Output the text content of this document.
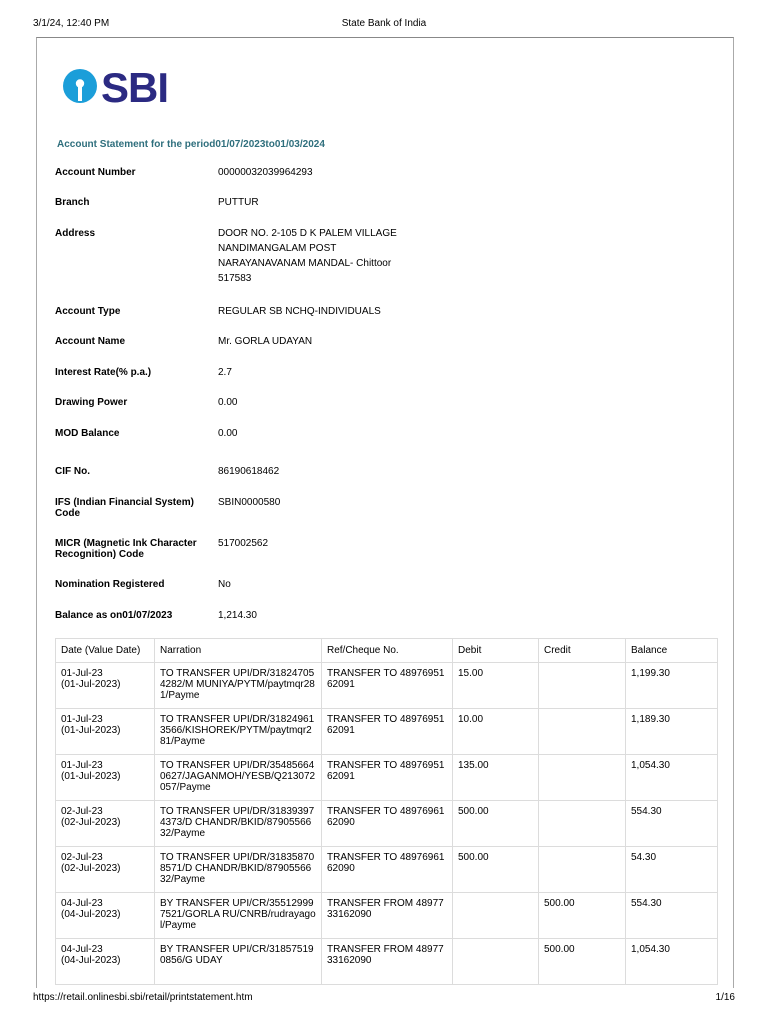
3/1/24, 12:40 PM	State Bank of India
SBI
Account Statement for the period01/07/2023to01/03/2024
Account Number	00000032039964293
Branch	PUTTUR
Address	DOOR NO. 2-105 D K PALEM VILLAGE
NANDIMANGALAM POST
NARAYANAVANAM MANDAL- Chittoor
517583
Account Type	REGULAR SB NCHQ-INDIVIDUALS
Account Name	Mr. GORLA UDAYAN
Interest Rate(% p.a.)	2.7
Drawing Power	0.00
MOD Balance	0.00
CIF No.	86190618462
IFS (Indian Financial System) Code
SBIN0000580
MICR (Magnetic Ink Character Recognition) Code
517002562
Nomination Registered	No
Balance as on01/07/2023	1,214.30
Date (Value Date)	Narration	Ref/Cheque No.	Debit	Credit	Balance

01-Jul-23
(01-Jul-2023)	TO TRANSFER UPI/DR/318247054282/M MUNIYA/PYTM/paytmqr281/Payme	TRANSFER TO 4897695162091	15.00		1,199.30

01-Jul-23
(01-Jul-2023)	TO TRANSFER UPI/DR/318249613566/KISHOREK/PYTM/paytmqr281/Payme	TRANSFER TO 4897695162091	10.00		1,189.30

01-Jul-23
(01-Jul-2023)	TO TRANSFER UPI/DR/354856640627/JAGANMOH/YESB/Q213072057/Payme	TRANSFER TO 4897695162091	135.00		1,054.30

02-Jul-23
(02-Jul-2023)	TO TRANSFER UPI/DR/318393974373/D CHANDR/BKID/8790556632/Payme	TRANSFER TO 4897696162090	500.00		554.30

02-Jul-23
(02-Jul-2023)	TO TRANSFER UPI/DR/318358708571/D CHANDR/BKID/8790556632/Payme	TRANSFER TO 4897696162090	500.00		54.30

04-Jul-23
(04-Jul-2023)	BY TRANSFER UPI/CR/355129997521/GORLA RU/CNRB/rudrayagol/Payme	TRANSFER FROM 4897733162090		500.00	554.30

04-Jul-23
(04-Jul-2023)	BY TRANSFER UPI/CR/318575190856/G UDAY	TRANSFER FROM 4897733162090		500.00	1,054.30
https://retail.onlinesbi.sbi/retail/printstatement.htm	1/16
